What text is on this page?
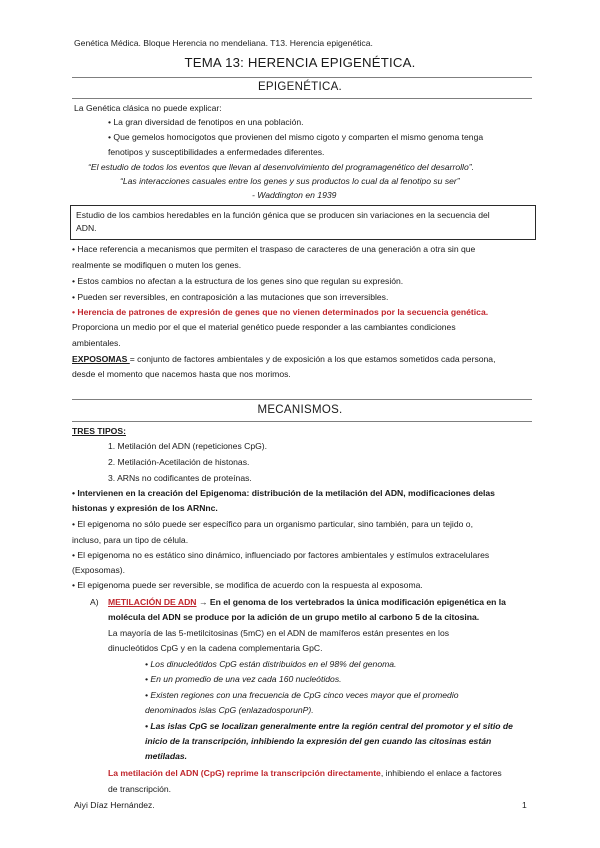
Genética Médica. Bloque Herencia no mendeliana. T13. Herencia epigenética.
TEMA 13: HERENCIA EPIGENÉTICA.
EPIGENÉTICA.
La Genética clásica no puede explicar:
• La gran diversidad de fenotipos en una población.
• Que gemelos homocigotos que provienen del mismo cigoto y comparten el mismo genoma tenga
fenotipos y susceptibilidades a enfermedades diferentes.
“El estudio de todos los eventos que llevan al desenvolvimiento del programagenético del desarrollo”.
“Las interacciones casuales entre los genes y sus productos lo cual da al fenotipo su ser”
- Waddington en 1939
Estudio de los cambios heredables en la función génica que se producen sin variaciones en la secuencia del
ADN.
• Hace referencia a mecanismos que permiten el traspaso de caracteres de una generación a otra sin que
realmente se modifiquen o muten los genes.
• Estos cambios no afectan a la estructura de los genes sino que regulan su expresión.
• Pueden ser reversibles, en contraposición a las mutaciones que son irreversibles.
• Herencia de patrones de expresión de genes que no vienen determinados por la secuencia genética.
Proporciona un medio por el que el material genético puede responder a las cambiantes condiciones
ambientales.
EXPOSOMAS = conjunto de factores ambientales y de exposición a los que estamos sometidos cada persona,
desde el momento que nacemos hasta que nos morimos.
MECANISMOS.
TRES TIPOS:
1. Metilación del ADN (repeticiones CpG).
2. Metilación-Acetilación de histonas.
3. ARNs no codificantes de proteínas.
• Intervienen en la creación del Epigenoma: distribución de la metilación del ADN, modificaciones delas
histonas y expresión de los ARNnc.
• El epigenoma no sólo puede ser específico para un organismo particular, sino también, para un tejido o,
incluso, para un tipo de célula.
• El epigenoma no es estático sino dinámico, influenciado por factores ambientales y estímulos extracelulares
(Exposomas).
• El epigenoma puede ser reversible, se modifica de acuerdo con la respuesta al exposoma.
A) METILACIÓN DE ADN → En el genoma de los vertebrados la única modificación epigenética en la
molécula del ADN se produce por la adición de un grupo metilo al carbono 5 de la citosina.
La mayoría de las 5-metilcitosinas (5mC) en el ADN de mamíferos están presentes en los
dinucleótidos CpG y en la cadena complementaria GpC.
• Los dinucleótidos CpG están distribuidos en el 98% del genoma.
• En un promedio de una vez cada 160 nucleótidos.
• Existen regiones con una frecuencia de CpG cinco veces mayor que el promedio
denominados islas CpG (enlazadosporunP).
• Las islas CpG se localizan generalmente entre la región central del promotor y el sitio de
inicio de la transcripción, inhibiendo la expresión del gen cuando las citosinas están
metiladas.
La metilación del ADN (CpG) reprime la transcripción directamente, inhibiendo el enlace a factores
de transcripción.
Aiyi Díaz Hernández.	1
